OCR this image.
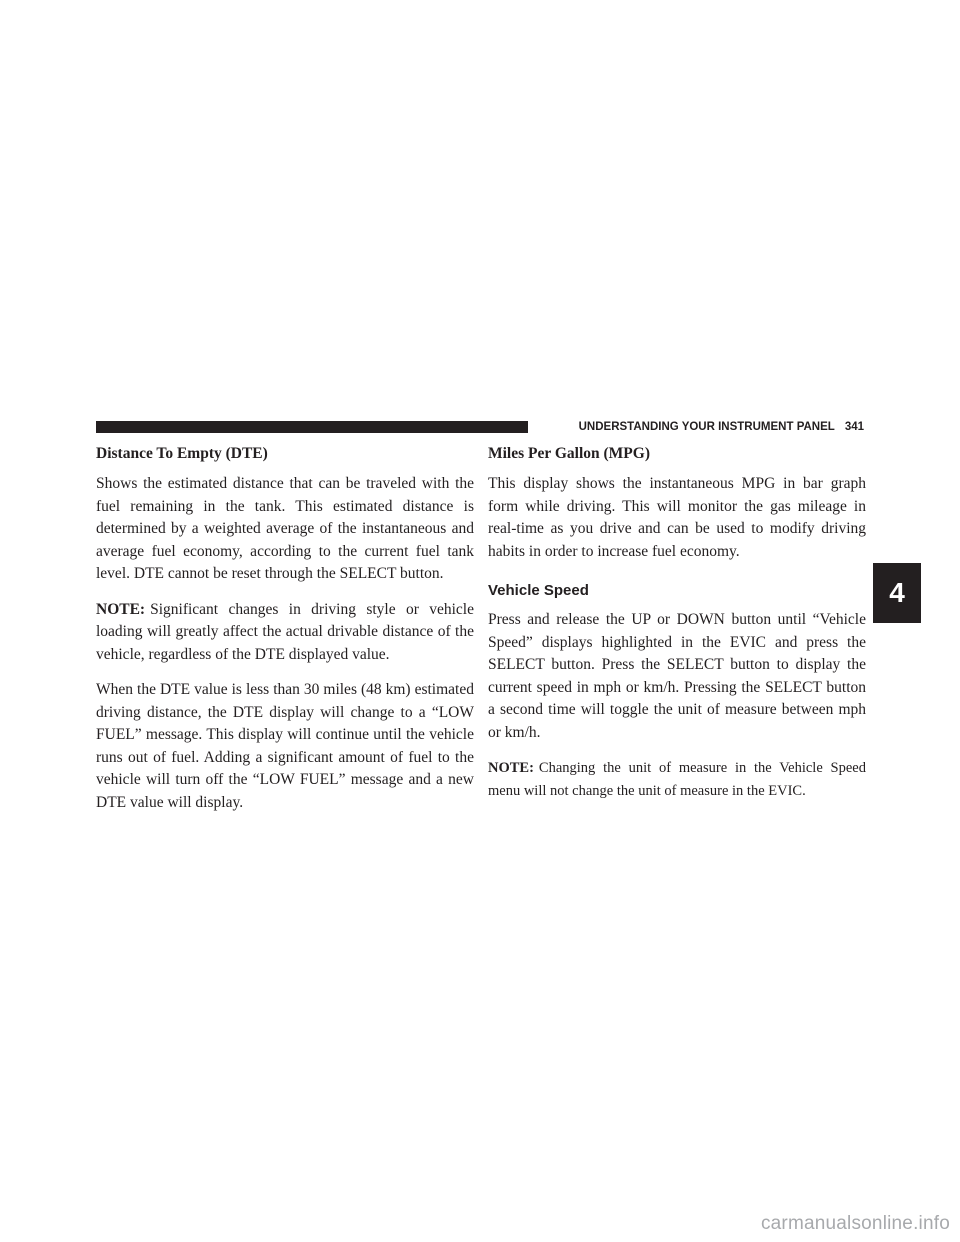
UNDERSTANDING YOUR INSTRUMENT PANEL 341
Distance To Empty (DTE)

Shows the estimated distance that can be traveled with the fuel remaining in the tank. This estimated distance is determined by a weighted average of the instantaneous and average fuel economy, according to the current fuel tank level. DTE cannot be reset through the SELECT button.

NOTE: Significant changes in driving style or vehicle loading will greatly affect the actual drivable distance of the vehicle, regardless of the DTE displayed value.

When the DTE value is less than 30 miles (48 km) estimated driving distance, the DTE display will change to a “LOW FUEL” message. This display will continue until the vehicle runs out of fuel. Adding a significant amount of fuel to the vehicle will turn off the “LOW FUEL” message and a new DTE value will display.

Miles Per Gallon (MPG)

This display shows the instantaneous MPG in bar graph form while driving. This will monitor the gas mileage in real-time as you drive and can be used to modify driving habits in order to increase fuel economy.

Vehicle Speed

Press and release the UP or DOWN button until “Vehicle Speed” displays highlighted in the EVIC and press the SELECT button. Press the SELECT button to display the current speed in mph or km/h. Pressing the SELECT button a second time will toggle the unit of measure between mph or km/h.

NOTE: Changing the unit of measure in the Vehicle Speed menu will not change the unit of measure in the EVIC.

4
carmanualsonline.info
